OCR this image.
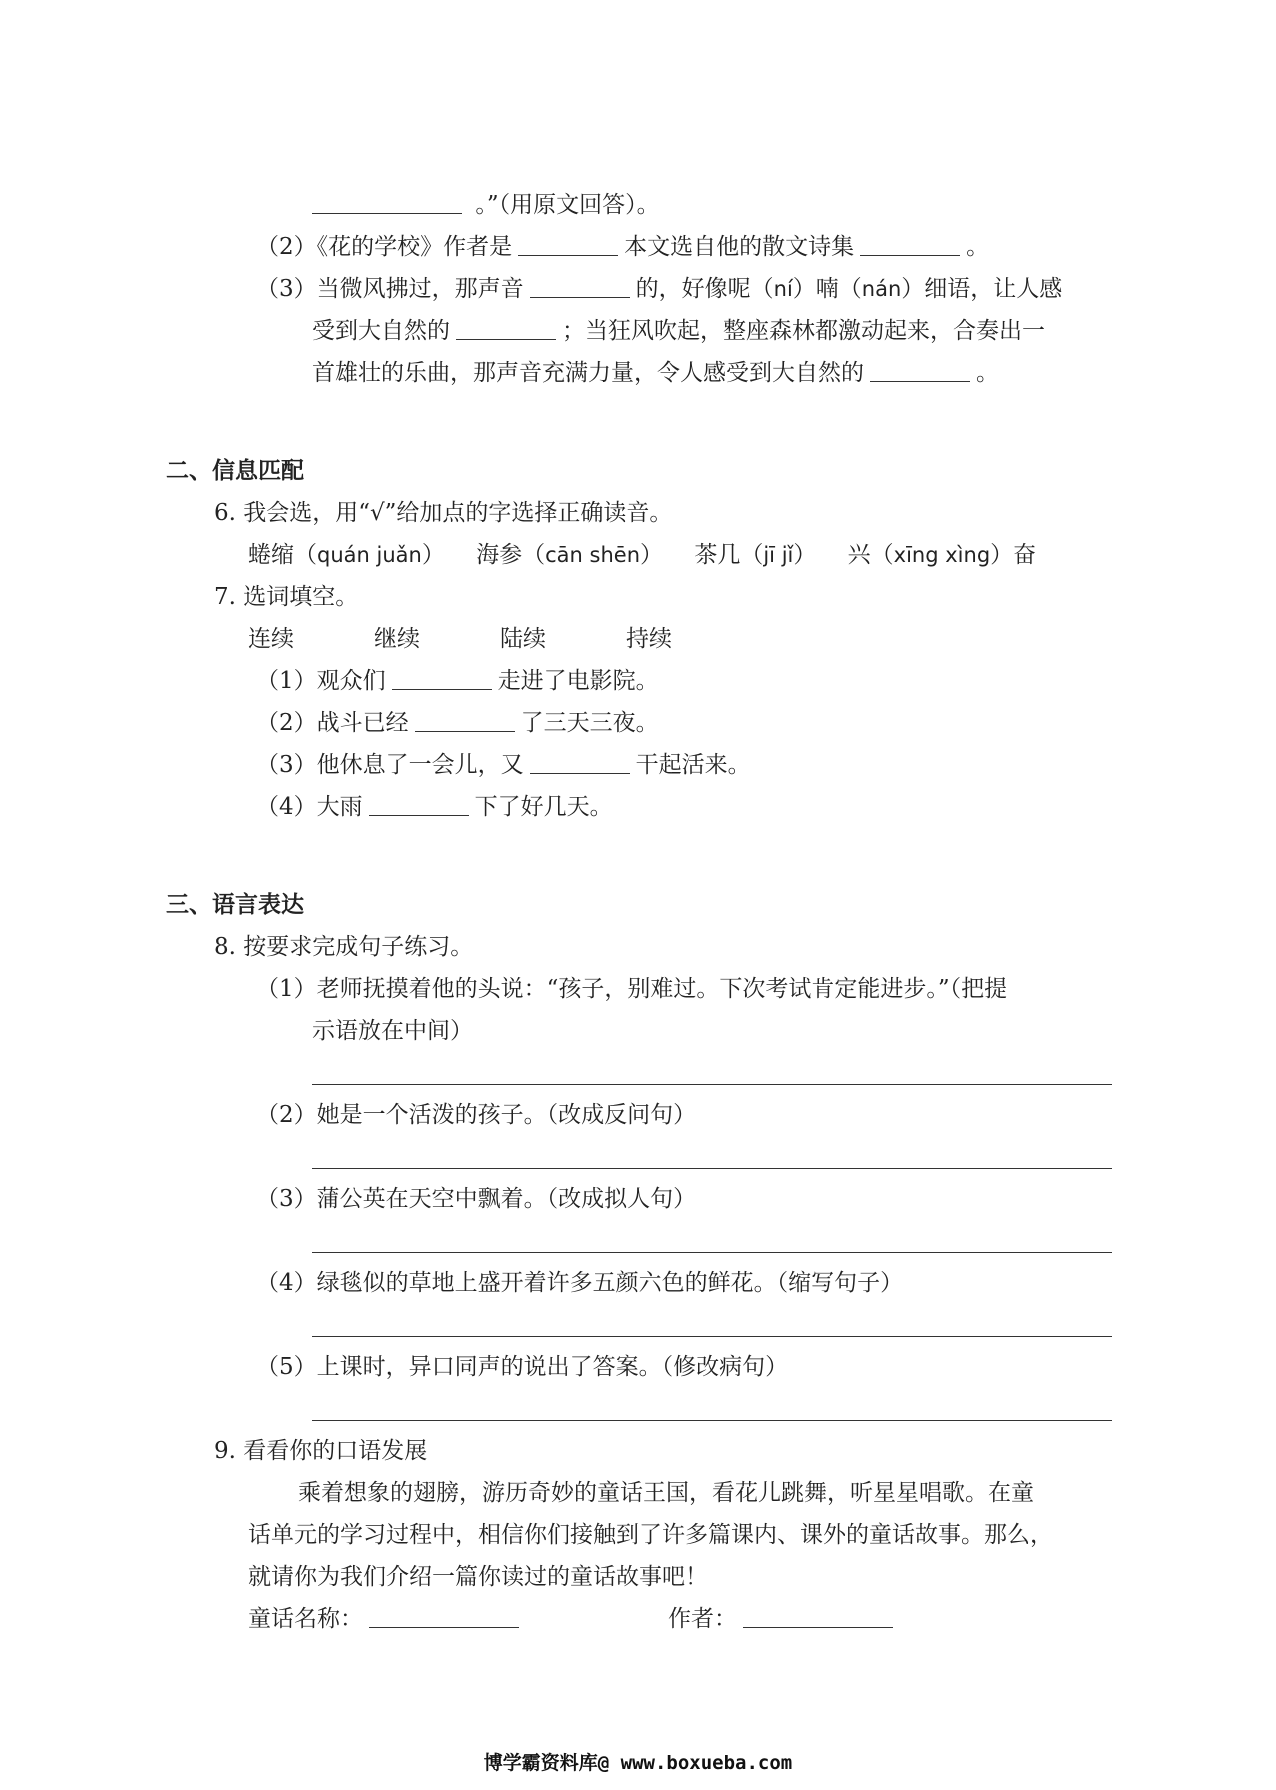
。”（用原文回答）。
（2）《花的学校》作者是	本文选自他的散文诗集	。
（3）当微风拂过，那声音	的，好像呢（ní）喃（nán）细语，让人感
受到大自然的	；当狂风吹起，整座森林都激动起来，合奏出一
首雄壮的乐曲，那声音充满力量，令人感受到大自然的	。
二、信息匹配
6. 我会选，用“√”给加点的字选择正确读音。
蜷缩（quán juǎn） 海参（cān shēn） 茶几（jī jǐ） 兴（xīng xìng）奋
7. 选词填空。
连续	继续	陆续	持续
（1）观众们	走进了电影院。
（2）战斗已经	了三天三夜。
（3）他休息了一会儿，又	干起活来。
（4）大雨	下了好几天。
三、语言表达
8. 按要求完成句子练习。
（1）老师抚摸着他的头说：“孩子，别难过。下次考试肯定能进步。”（把提
示语放在中间）
（2）她是一个活泼的孩子。（改成反问句）
（3）蒲公英在天空中飘着。（改成拟人句）
（4）绿毯似的草地上盛开着许多五颜六色的鲜花。（缩写句子）
（5）上课时，异口同声的说出了答案。（修改病句）
9. 看看你的口语发展
乘着想象的翅膀，游历奇妙的童话王国，看花儿跳舞，听星星唱歌。在童
话单元的学习过程中，相信你们接触到了许多篇课内、课外的童话故事。那么，
就请你为我们介绍一篇你读过的童话故事吧！
童话名称：	作者：
博学霸资料库@ www.boxueba.com
